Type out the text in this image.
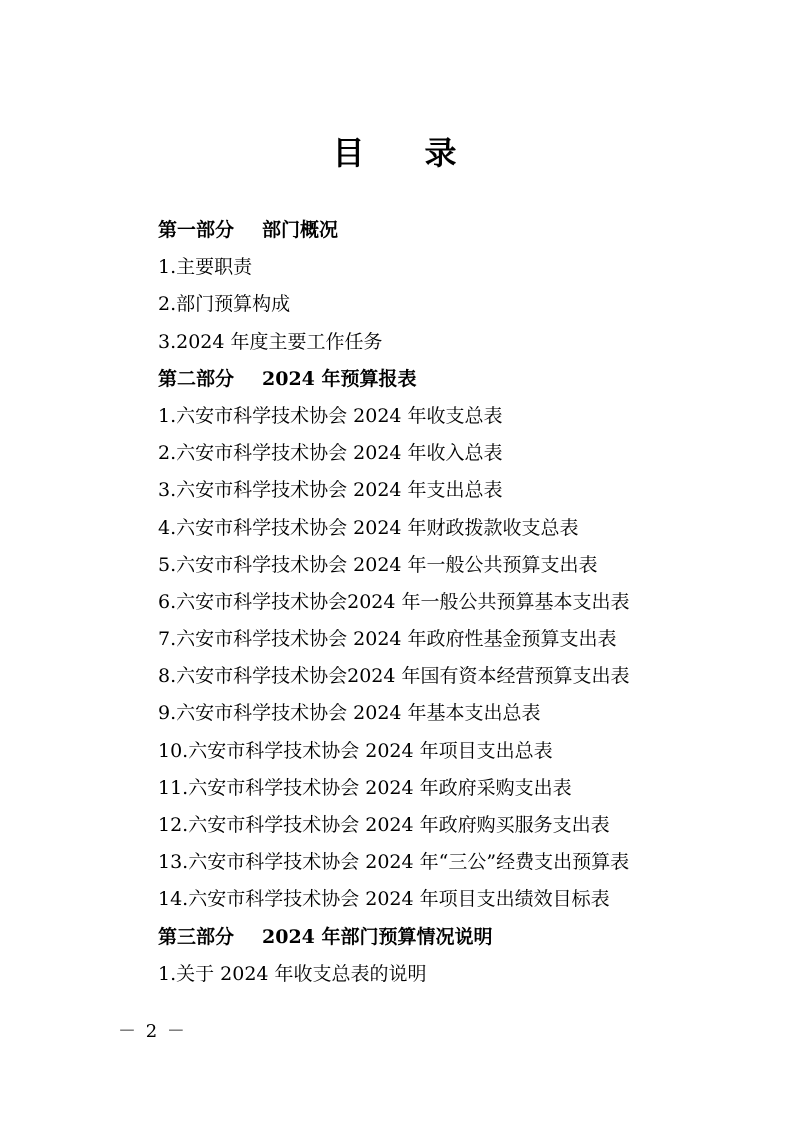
目 录
第一部分 部门概况
1.主要职责
2.部门预算构成
3.2024 年度主要工作任务
第二部分 2024 年预算报表
1.六安市科学技术协会 2024 年收支总表
2.六安市科学技术协会 2024 年收入总表
3.六安市科学技术协会 2024 年支出总表
4.六安市科学技术协会 2024 年财政拨款收支总表
5.六安市科学技术协会 2024 年一般公共预算支出表
6.六安市科学技术协会2024 年一般公共预算基本支出表
7.六安市科学技术协会 2024 年政府性基金预算支出表
8.六安市科学技术协会2024 年国有资本经营预算支出表
9.六安市科学技术协会 2024 年基本支出总表
10.六安市科学技术协会 2024 年项目支出总表
11.六安市科学技术协会 2024 年政府采购支出表
12.六安市科学技术协会 2024 年政府购买服务支出表
13.六安市科学技术协会 2024 年“三公”经费支出预算表
14.六安市科学技术协会 2024 年项目支出绩效目标表
第三部分 2024 年部门预算情况说明
1.关于 2024 年收支总表的说明
－ 2 －
